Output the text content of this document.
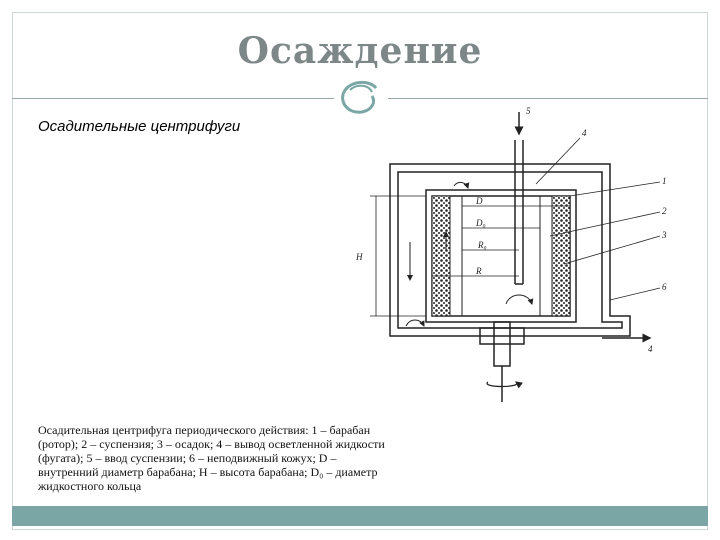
Осаждение
Осадительные центрифуги
5
4
1
2
3
6
4
D
D₀
R₀
R
H
Осадительная центрифуга периодического действия: 1 – барабан
(ротор); 2 – суспензия; 3 – осадок; 4 – вывод осветленной жидкости
(фугата); 5 – ввод суспензии; 6 – неподвижный кожух; D –
внутренний диаметр барабана; H – высота барабана; D₀ – диаметр
жидкостного кольца
